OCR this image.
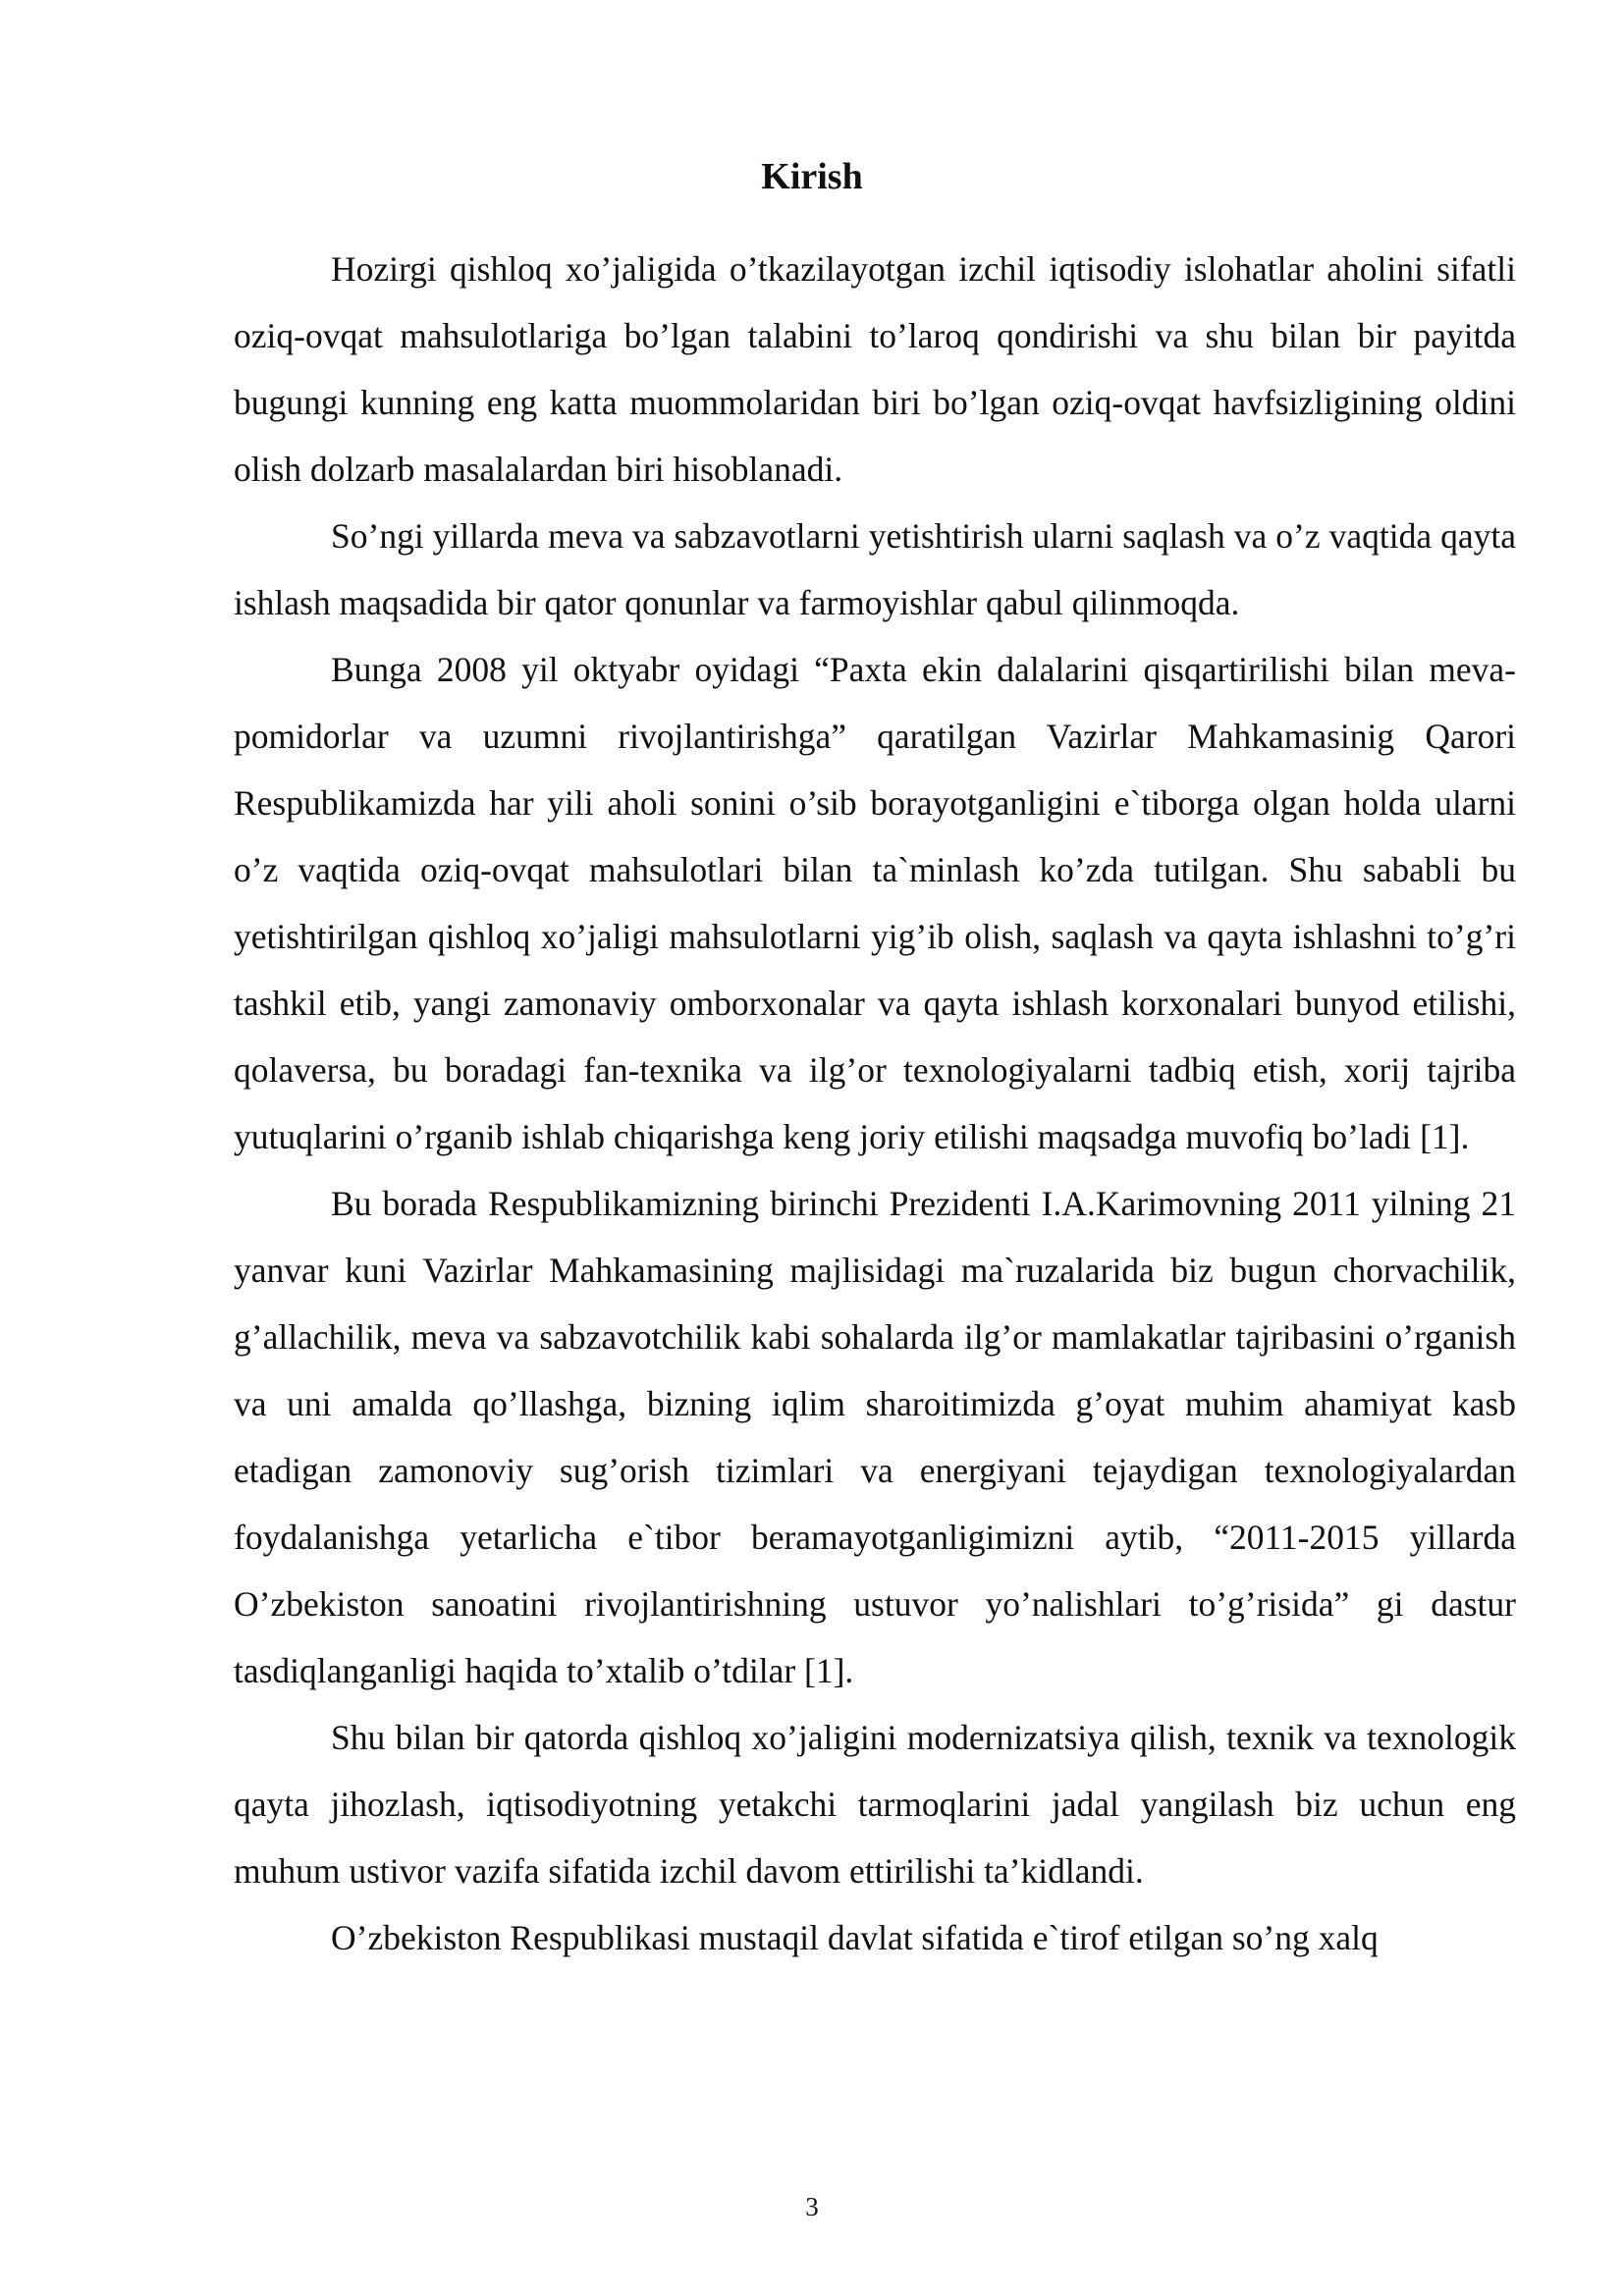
Kirish

Hozirgi qishloq xo’jaligida o’tkazilayotgan izchil iqtisodiy islohatlar aholini sifatli oziq-ovqat mahsulotlariga bo’lgan talabini to’laroq qondirishi va shu bilan bir payitda bugungi kunning eng katta muommolaridan biri bo’lgan oziq-ovqat havfsizligining oldini olish dolzarb masalalardan biri hisoblanadi.

So’ngi yillarda meva va sabzavotlarni yetishtirish ularni saqlash va o’z vaqtida qayta ishlash maqsadida bir qator qonunlar va farmoyishlar qabul qilinmoqda.

Bunga 2008 yil oktyabr oyidagi “Paxta ekin dalalarini qisqartirilishi bilan meva-pomidorlar va uzumni rivojlantirishga” qaratilgan Vazirlar Mahkamasinig Qarori Respublikamizda har yili aholi sonini o’sib borayotganligini e`tiborga olgan holda ularni o’z vaqtida oziq-ovqat mahsulotlari bilan ta`minlash ko’zda tutilgan. Shu sababli bu yetishtirilgan qishloq xo’jaligi mahsulotlarni yig’ib olish, saqlash va qayta ishlashni to’g’ri tashkil etib, yangi zamonaviy omborxonalar va qayta ishlash korxonalari bunyod etilishi, qolaversa, bu boradagi fan-texnika va ilg’or texnologiyalarni tadbiq etish, xorij tajriba yutuqlarini o’rganib ishlab chiqarishga keng joriy etilishi maqsadga muvofiq bo’ladi [1].

Bu borada Respublikamizning birinchi Prezidenti I.A.Karimovning 2011 yilning 21 yanvar kuni Vazirlar Mahkamasining majlisidagi ma`ruzalarida biz bugun chorvachilik, g’allachilik, meva va sabzavotchilik kabi sohalarda ilg’or mamlakatlar tajribasini o’rganish va uni amalda qo’llashga, bizning iqlim sharoitimizda g’oyat muhim ahamiyat kasb etadigan zamonoviy sug’orish tizimlari va energiyani tejaydigan texnologiyalardan foydalanishga yetarlicha e`tibor beramayotganligimizni aytib, “2011-2015 yillarda O’zbekiston sanoatini rivojlantirishning ustuvor yo’nalishlari to’g’risida” gi dastur tasdiqlanganligi haqida to’xtalib o’tdilar [1].

Shu bilan bir qatorda qishloq xo’jaligini modernizatsiya qilish, texnik va texnologik qayta jihozlash, iqtisodiyotning yetakchi tarmoqlarini jadal yangilash biz uchun eng muhum ustivor vazifa sifatida izchil davom ettirilishi ta’kidlandi.

O’zbekiston Respublikasi mustaqil davlat sifatida e`tirof etilgan so’ng xalq

3
